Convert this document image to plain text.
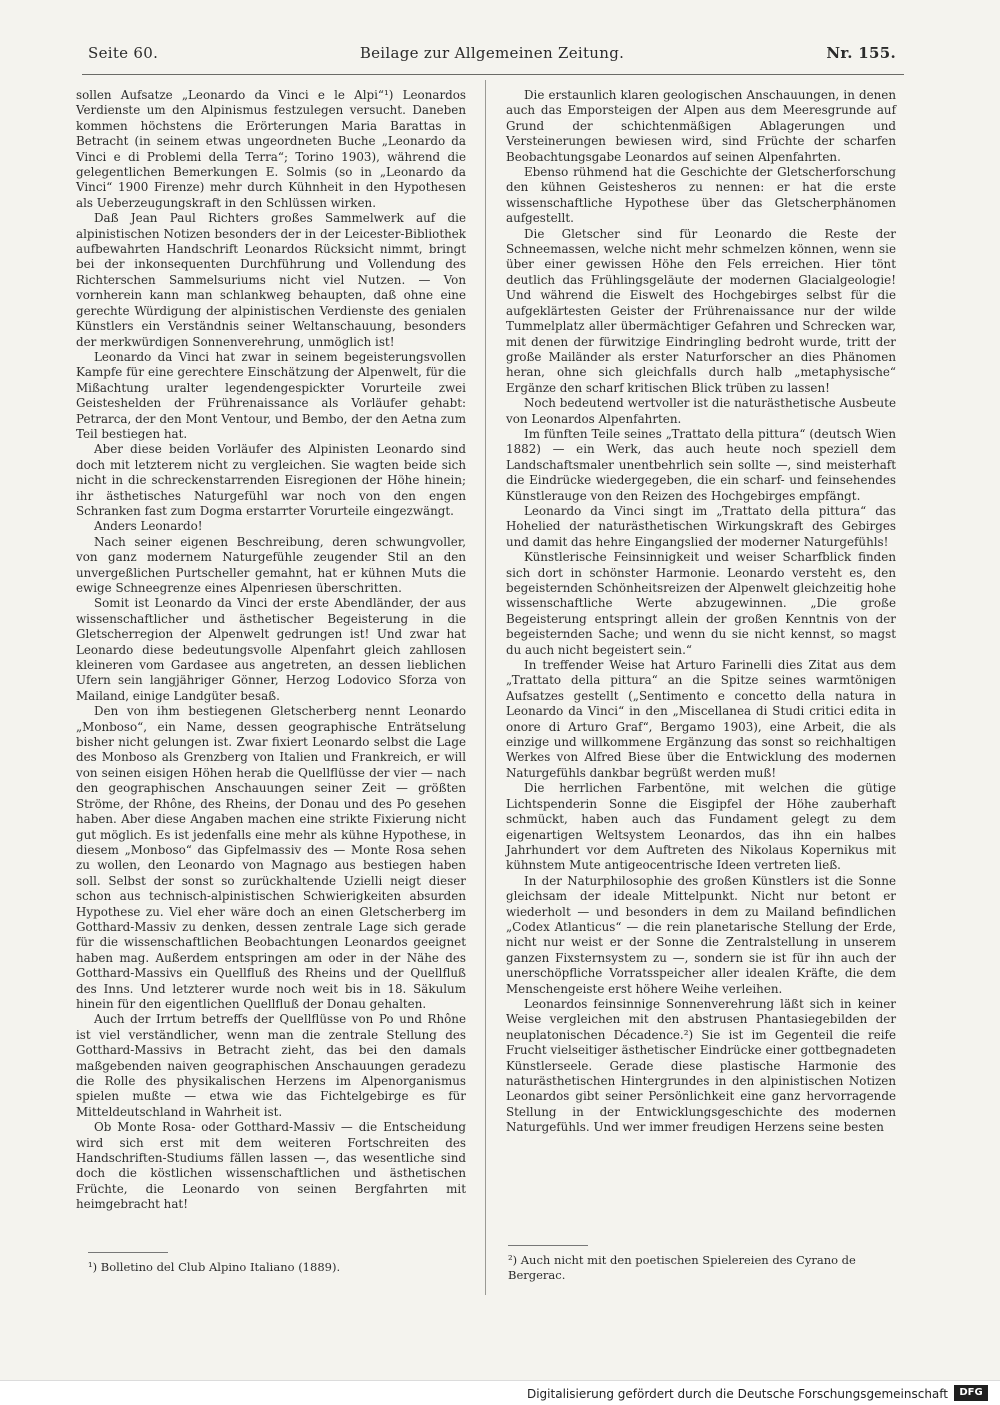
Seite 60.	Beilage zur Allgemeinen Zeitung.	Nr. 155.

sollen Aufsatze „Leonardo da Vinci e le Alpi“¹) Leonardos Verdienste um den Alpinismus festzulegen versucht. Daneben kommen höchstens die Erörterungen Maria Barattas in Betracht (in seinem etwas ungeordneten Buche „Leonardo da Vinci e di Problemi della Terra“; Torino 1903), während die gelegentlichen Bemerkungen E. Solmis (so in „Leonardo da Vinci“ 1900 Firenze) mehr durch Kühnheit in den Hypothesen als Ueberzeugungskraft in den Schlüssen wirken.

Daß Jean Paul Richters großes Sammelwerk auf die alpinistischen Notizen besonders der in der Leicester-Bibliothek aufbewahrten Handschrift Leonardos Rücksicht nimmt, bringt bei der inkonsequenten Durchführung und Vollendung des Richterschen Sammelsuriums nicht viel Nutzen. — Von vornherein kann man schlankweg behaupten, daß ohne eine gerechte Würdigung der alpinistischen Verdienste des genialen Künstlers ein Verständnis seiner Weltanschauung, besonders der merkwürdigen Sonnenverehrung, unmöglich ist!

Leonardo da Vinci hat zwar in seinem begeisterungsvollen Kampfe für eine gerechtere Einschätzung der Alpenwelt, für die Mißachtung uralter legendengespickter Vorurteile zwei Geisteshelden der Frührenaissance als Vorläufer gehabt: Petrarca, der den Mont Ventour, und Bembo, der den Aetna zum Teil bestiegen hat.

Aber diese beiden Vorläufer des Alpinisten Leonardo sind doch mit letzterem nicht zu vergleichen. Sie wagten beide sich nicht in die schreckenstarrenden Eisregionen der Höhe hinein; ihr ästhetisches Naturgefühl war noch von den engen Schranken fast zum Dogma erstarrter Vorurteile eingezwängt.

Anders Leonardo!

Nach seiner eigenen Beschreibung, deren schwungvoller, von ganz modernem Naturgefühle zeugender Stil an den unvergeßlichen Purtscheller gemahnt, hat er kühnen Muts die ewige Schneegrenze eines Alpenriesen überschritten.

Somit ist Leonardo da Vinci der erste Abendländer, der aus wissenschaftlicher und ästhetischer Begeisterung in die Gletscherregion der Alpenwelt gedrungen ist! Und zwar hat Leonardo diese bedeutungsvolle Alpenfahrt gleich zahllosen kleineren vom Gardasee aus angetreten, an dessen lieblichen Ufern sein langjähriger Gönner, Herzog Lodovico Sforza von Mailand, einige Landgüter besaß.

Den von ihm bestiegenen Gletscherberg nennt Leonardo „Monboso“, ein Name, dessen geographische Enträtselung bisher nicht gelungen ist. Zwar fixiert Leonardo selbst die Lage des Monboso als Grenzberg von Italien und Frankreich, er will von seinen eisigen Höhen herab die Quellflüsse der vier — nach den geographischen Anschauungen seiner Zeit — größten Ströme, der Rhône, des Rheins, der Donau und des Po gesehen haben. Aber diese Angaben machen eine strikte Fixierung nicht gut möglich. Es ist jedenfalls eine mehr als kühne Hypothese, in diesem „Monboso“ das Gipfelmassiv des — Monte Rosa sehen zu wollen, den Leonardo von Magnago aus bestiegen haben soll. Selbst der sonst so zurückhaltende Uzielli neigt dieser schon aus technisch-alpinistischen Schwierigkeiten absurden Hypothese zu. Viel eher wäre doch an einen Gletscherberg im Gotthard-Massiv zu denken, dessen zentrale Lage sich gerade für die wissenschaftlichen Beobachtungen Leonardos geeignet haben mag. Außerdem entspringen am oder in der Nähe des Gotthard-Massivs ein Quellfluß des Rheins und der Quellfluß des Inns. Und letzterer wurde noch weit bis in 18. Säkulum hinein für den eigentlichen Quellfluß der Donau gehalten.

Auch der Irrtum betreffs der Quellflüsse von Po und Rhône ist viel verständlicher, wenn man die zentrale Stellung des Gotthard-Massivs in Betracht zieht, das bei den damals maßgebenden naiven geographischen Anschauungen geradezu die Rolle des physikalischen Herzens im Alpenorganismus spielen mußte — etwa wie das Fichtelgebirge es für Mitteldeutschland in Wahrheit ist.

Ob Monte Rosa- oder Gotthard-Massiv — die Entscheidung wird sich erst mit dem weiteren Fortschreiten des Handschriften-Studiums fällen lassen —, das wesentliche sind doch die köstlichen wissenschaftlichen und ästhetischen Früchte, die Leonardo von seinen Bergfahrten mit heimgebracht hat!

¹) Bolletino del Club Alpino Italiano (1889).

Die erstaunlich klaren geologischen Anschauungen, in denen auch das Emporsteigen der Alpen aus dem Meeresgrunde auf Grund der schichtenmäßigen Ablagerungen und Versteinerungen bewiesen wird, sind Früchte der scharfen Beobachtungsgabe Leonardos auf seinen Alpenfahrten.

Ebenso rühmend hat die Geschichte der Gletscherforschung den kühnen Geistesheros zu nennen: er hat die erste wissenschaftliche Hypothese über das Gletscherphänomen aufgestellt.

Die Gletscher sind für Leonardo die Reste der Schneemassen, welche nicht mehr schmelzen können, wenn sie über einer gewissen Höhe den Fels erreichen. Hier tönt deutlich das Frühlingsgeläute der modernen Glacialgeologie! Und während die Eiswelt des Hochgebirges selbst für die aufgeklärtesten Geister der Frührenaissance nur der wilde Tummelplatz aller übermächtiger Gefahren und Schrecken war, mit denen der fürwitzige Eindringling bedroht wurde, tritt der große Mailänder als erster Naturforscher an dies Phänomen heran, ohne sich gleichfalls durch halb „metaphysische“ Ergänze den scharf kritischen Blick trüben zu lassen!

Noch bedeutend wertvoller ist die naturästhetische Ausbeute von Leonardos Alpenfahrten.

Im fünften Teile seines „Trattato della pittura“ (deutsch Wien 1882) — ein Werk, das auch heute noch speziell dem Landschaftsmaler unentbehrlich sein sollte —, sind meisterhaft die Eindrücke wiedergegeben, die ein scharf- und feinsehendes Künstlerauge von den Reizen des Hochgebirges empfängt.

Leonardo da Vinci singt im „Trattato della pittura“ das Hohelied der naturästhetischen Wirkungskraft des Gebirges und damit das hehre Eingangslied der moderner Naturgefühls!

Künstlerische Feinsinnigkeit und weiser Scharfblick finden sich dort in schönster Harmonie. Leonardo versteht es, den begeisternden Schönheitsreizen der Alpenwelt gleichzeitig hohe wissenschaftliche Werte abzugewinnen. „Die große Begeisterung entspringt allein der großen Kenntnis von der begeisternden Sache; und wenn du sie nicht kennst, so magst du auch nicht begeistert sein.“

In treffender Weise hat Arturo Farinelli dies Zitat aus dem „Trattato della pittura“ an die Spitze seines warmtönigen Aufsatzes gestellt („Sentimento e concetto della natura in Leonardo da Vinci“ in den „Miscellanea di Studi critici edita in onore di Arturo Graf“, Bergamo 1903), eine Arbeit, die als einzige und willkommene Ergänzung das sonst so reichhaltigen Werkes von Alfred Biese über die Entwicklung des modernen Naturgefühls dankbar begrüßt werden muß!

Die herrlichen Farbentöne, mit welchen die gütige Lichtspenderin Sonne die Eisgipfel der Höhe zauberhaft schmückt, haben auch das Fundament gelegt zu dem eigenartigen Weltsystem Leonardos, das ihn ein halbes Jahrhundert vor dem Auftreten des Nikolaus Kopernikus mit kühnstem Mute antigeocentrische Ideen vertreten ließ.

In der Naturphilosophie des großen Künstlers ist die Sonne gleichsam der ideale Mittelpunkt. Nicht nur betont er wiederholt — und besonders in dem zu Mailand befindlichen „Codex Atlanticus“ — die rein planetarische Stellung der Erde, nicht nur weist er der Sonne die Zentralstellung in unserem ganzen Fixsternsystem zu —, sondern sie ist für ihn auch der unerschöpfliche Vorratsspeicher aller idealen Kräfte, die dem Menschengeiste erst höhere Weihe verleihen.

Leonardos feinsinnige Sonnenverehrung läßt sich in keiner Weise vergleichen mit den abstrusen Phantasiegebilden der neuplatonischen Décadence.²) Sie ist im Gegenteil die reife Frucht vielseitiger ästhetischer Eindrücke einer gottbegnadeten Künstlerseele. Gerade diese plastische Harmonie des naturästhetischen Hintergrundes in den alpinistischen Notizen Leonardos gibt seiner Persönlichkeit eine ganz hervorragende Stellung in der Entwicklungsgeschichte des modernen Naturgefühls. Und wer immer freudigen Herzens seine besten

²) Auch nicht mit den poetischen Spielereien des Cyrano de Bergerac.
Digitalisierung gefördert durch die Deutsche Forschungsgemeinschaft	DFG
